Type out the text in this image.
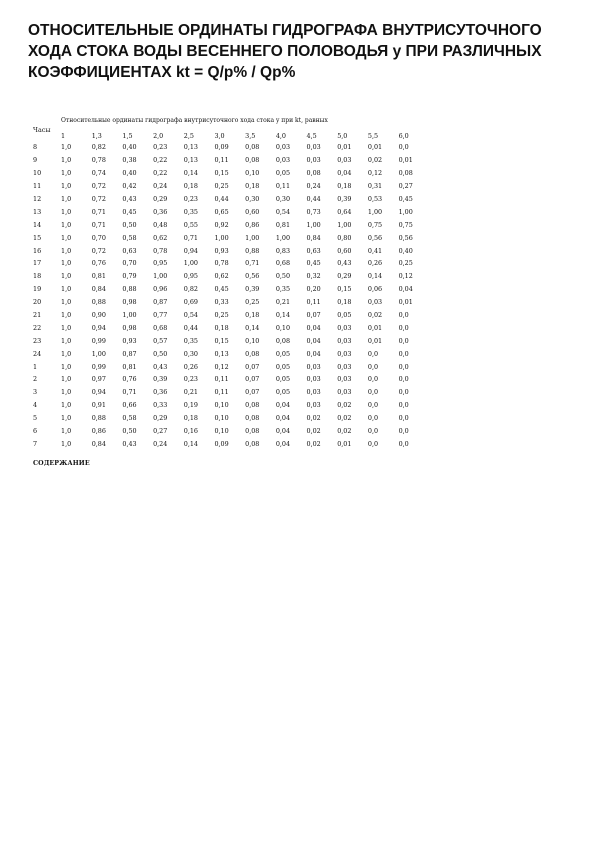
ОТНОСИТЕЛЬНЫЕ ОРДИНАТЫ ГИДРОГРАФА ВНУТРИСУТОЧНОГО ХОДА СТОКА ВОДЫ ВЕСЕННЕГО ПОЛОВОДЬЯ y ПРИ РАЗЛИЧНЫХ КОЭФФИЦИЕНТАХ kt = Q/p% / Qp%
Относительные ординаты гидрографа внутрисуточного хода стока y при kt, равных
Часы
	1	1,3	1,5	2,0	2,5	3,0	3,5	4,0	4,5	5,0	5,5	6,0
8	1,0	0,82	0,40	0,23	0,13	0,09	0,08	0,03	0,03	0,01	0,01	0,0
9	1,0	0,78	0,38	0,22	0,13	0,11	0,08	0,03	0,03	0,03	0,02	0,01
10	1,0	0,74	0,40	0,22	0,14	0,15	0,10	0,05	0,08	0,04	0,12	0,08
11	1,0	0,72	0,42	0,24	0,18	0,25	0,18	0,11	0,24	0,18	0,31	0,27
12	1,0	0,72	0,43	0,29	0,23	0,44	0,30	0,30	0,44	0,39	0,53	0,45
13	1,0	0,71	0,45	0,36	0,35	0,65	0,60	0,54	0,73	0,64	1,00	1,00
14	1,0	0,71	0,50	0,48	0,55	0,92	0,86	0,81	1,00	1,00	0,75	0,75
15	1,0	0,70	0,58	0,62	0,71	1,00	1,00	1,00	0,84	0,80	0,56	0,56
16	1,0	0,72	0,63	0,78	0,94	0,93	0,88	0,83	0,63	0,60	0,41	0,40
17	1,0	0,76	0,70	0,95	1,00	0,78	0,71	0,68	0,45	0,43	0,26	0,25
18	1,0	0,81	0,79	1,00	0,95	0,62	0,56	0,50	0,32	0,29	0,14	0,12
19	1,0	0,84	0,88	0,96	0,82	0,45	0,39	0,35	0,20	0,15	0,06	0,04
20	1,0	0,88	0,98	0,87	0,69	0,33	0,25	0,21	0,11	0,18	0,03	0,01
21	1,0	0,90	1,00	0,77	0,54	0,25	0,18	0,14	0,07	0,05	0,02	0,0
22	1,0	0,94	0,98	0,68	0,44	0,18	0,14	0,10	0,04	0,03	0,01	0,0
23	1,0	0,99	0,93	0,57	0,35	0,15	0,10	0,08	0,04	0,03	0,01	0,0
24	1,0	1,00	0,87	0,50	0,30	0,13	0,08	0,05	0,04	0,03	0,0	0,0
1	1,0	0,99	0,81	0,43	0,26	0,12	0,07	0,05	0,03	0,03	0,0	0,0
2	1,0	0,97	0,76	0,39	0,23	0,11	0,07	0,05	0,03	0,03	0,0	0,0
3	1,0	0,94	0,71	0,36	0,21	0,11	0,07	0,05	0,03	0,03	0,0	0,0
4	1,0	0,91	0,66	0,33	0,19	0,10	0,08	0,04	0,03	0,02	0,0	0,0
5	1,0	0,88	0,58	0,29	0,18	0,10	0,08	0,04	0,02	0,02	0,0	0,0
6	1,0	0,86	0,50	0,27	0,16	0,10	0,08	0,04	0,02	0,02	0,0	0,0
7	1,0	0,84	0,43	0,24	0,14	0,09	0,08	0,04	0,02	0,01	0,0	0,0
СОДЕРЖАНИЕ
